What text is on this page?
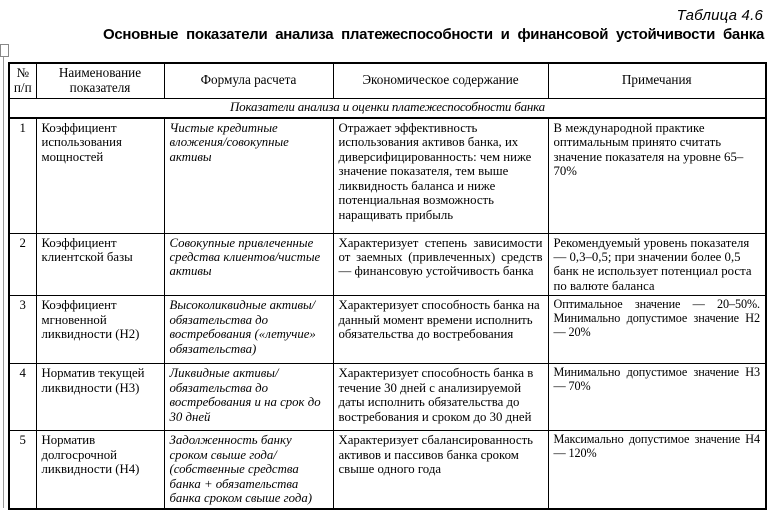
Таблица 4.6
Основные показатели анализа платежеспособности и финансовой устойчивости банка
№ п/п	Наименование показателя	Формула расчета	Экономическое содержание	Примечания
Показатели анализа и оценки платежеспособности банка				
1	Коэффициент использования мощностей	Чистые кредитные вложения/совокупные активы	Отражает эффективность использования активов банка, их диверсифицированность: чем ниже значение показателя, тем выше ликвидность баланса и ниже потенциальная возможность наращивать прибыль	В международной практике оптимальным принято считать значение показателя на уровне 65–70%
2	Коэффициент клиентской базы	Совокупные привлеченные средства клиентов/чистые активы	Характеризует степень зависимости от заемных (привлеченных) средств — финансовую устойчивость банка	Рекомендуемый уровень показателя — 0,3–0,5; при значении более 0,5 банк не использует потенциал роста по валюте баланса
3	Коэффициент мгновенной ликвидности (Н2)	Высоколиквидные активы/ обязательства до востребования («летучие» обязательства)	Характеризует способность банка на данный момент времени исполнить обязательства до востребования	Оптимальное значение — 20–50%. Минимально допустимое значение Н2 — 20%
4	Норматив текущей ликвидности (Н3)	Ликвидные активы/ обязательства до востребования и на срок до 30 дней	Характеризует способность банка в течение 30 дней с анализируемой даты исполнить обязательства до востребования и сроком до 30 дней	Минимально допустимое значение Н3 — 70%
5	Норматив долгосрочной ликвидности (Н4)	Задолженность банку сроком свыше года/ (собственные средства банка + обязательства банка сроком свыше года)	Характеризует сбалансированность активов и пассивов банка сроком свыше одного года	Максимально допустимое значение Н4 — 120%
